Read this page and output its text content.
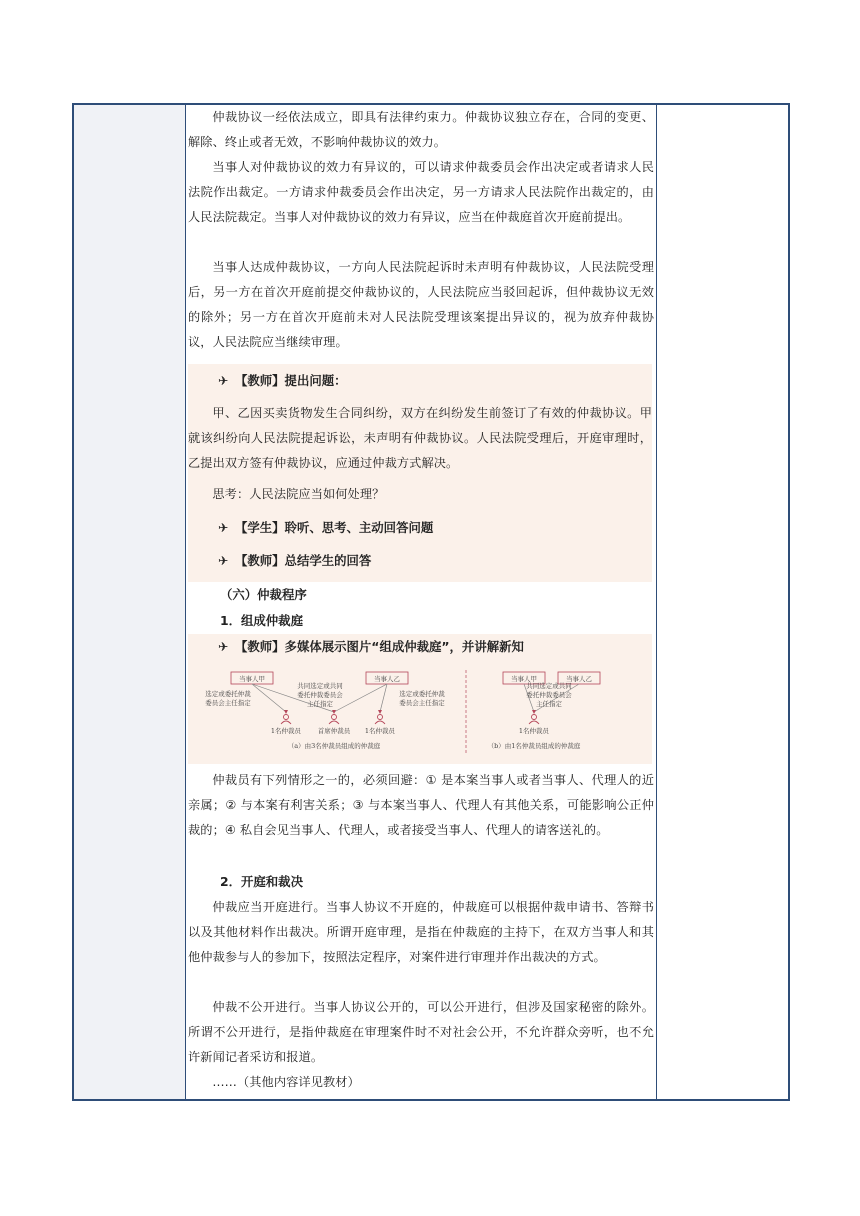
仲裁协议一经依法成立，即具有法律约束力。仲裁协议独立存在，合同的变更、解除、终止或者无效，不影响仲裁协议的效力。
当事人对仲裁协议的效力有异议的，可以请求仲裁委员会作出决定或者请求人民法院作出裁定。一方请求仲裁委员会作出决定，另一方请求人民法院作出裁定的，由人民法院裁定。当事人对仲裁协议的效力有异议，应当在仲裁庭首次开庭前提出。
当事人达成仲裁协议，一方向人民法院起诉时未声明有仲裁协议，人民法院受理后，另一方在首次开庭前提交仲裁协议的，人民法院应当驳回起诉，但仲裁协议无效的除外；另一方在首次开庭前未对人民法院受理该案提出异议的，视为放弃仲裁协议，人民法院应当继续审理。
✈ 【教师】提出问题：
甲、乙因买卖货物发生合同纠纷，双方在纠纷发生前签订了有效的仲裁协议。甲就该纠纷向人民法院提起诉讼，未声明有仲裁协议。人民法院受理后，开庭审理时，乙提出双方签有仲裁协议，应通过仲裁方式解决。
思考：人民法院应当如何处理？
✈ 【学生】聆听、思考、主动回答问题
✈ 【教师】总结学生的回答
（六）仲裁程序
1．组成仲裁庭
✈ 【教师】多媒体展示图片“组成仲裁庭”，并讲解新知
当事人甲	当事人乙	当事人甲	当事人乙
选定或委托仲裁
委员会主任指定
共同选定或共同
委托仲裁委员会
主任指定
选定或委托仲裁
委员会主任指定
共同选定或共同
委托仲裁委员会
主任指定
1名仲裁员	首席仲裁员 1名仲裁员	1名仲裁员
（a）由3名仲裁员组成的仲裁庭	（b）由1名仲裁员组成的仲裁庭
仲裁员有下列情形之一的，必须回避：① 是本案当事人或者当事人、代理人的近亲属；② 与本案有利害关系；③ 与本案当事人、代理人有其他关系，可能影响公正仲裁的；④ 私自会见当事人、代理人，或者接受当事人、代理人的请客送礼的。
2．开庭和裁决
仲裁应当开庭进行。当事人协议不开庭的，仲裁庭可以根据仲裁申请书、答辩书以及其他材料作出裁决。所谓开庭审理，是指在仲裁庭的主持下，在双方当事人和其他仲裁参与人的参加下，按照法定程序，对案件进行审理并作出裁决的方式。
仲裁不公开进行。当事人协议公开的，可以公开进行，但涉及国家秘密的除外。所谓不公开进行，是指仲裁庭在审理案件时不对社会公开，不允许群众旁听，也不允许新闻记者采访和报道。
……（其他内容详见教材）
